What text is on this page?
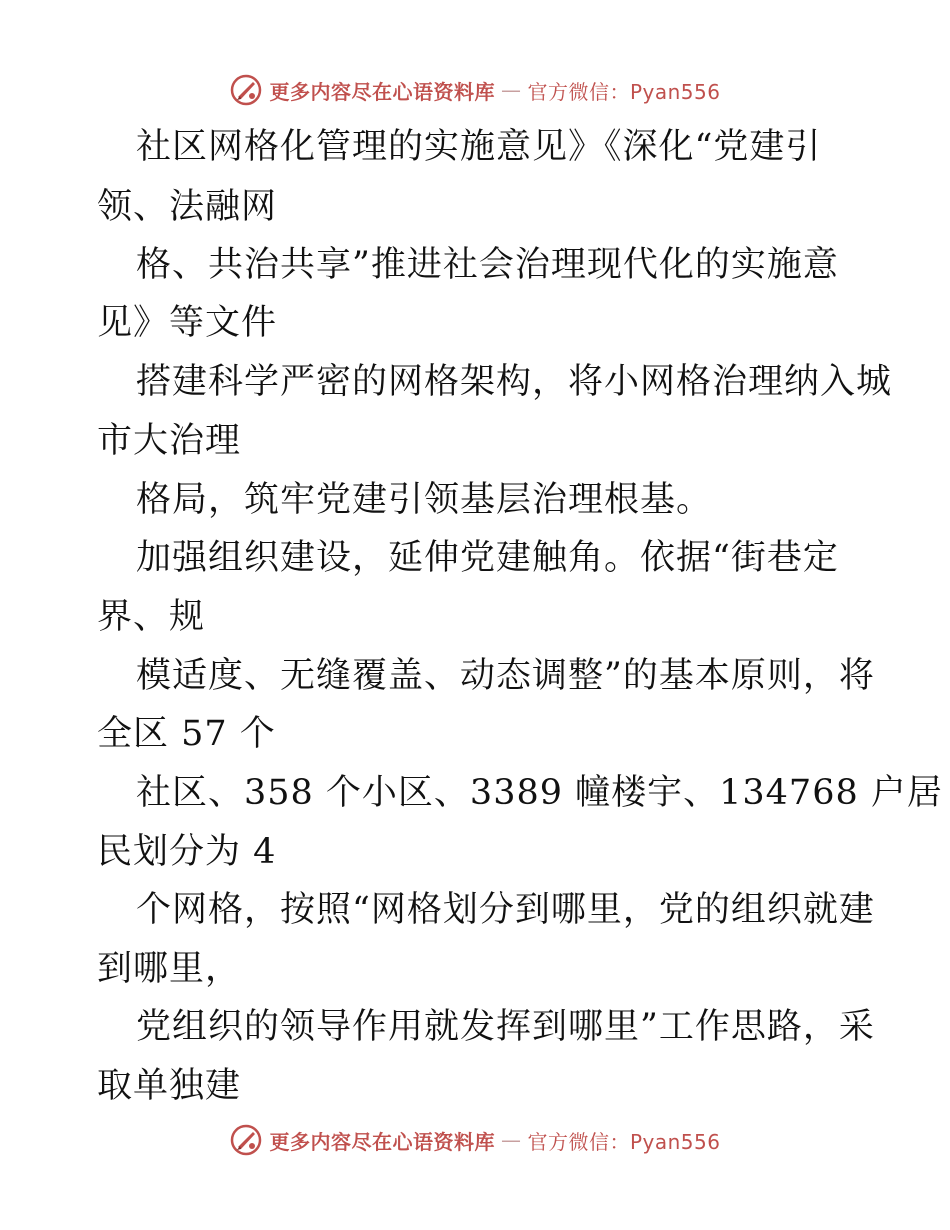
更多内容尽在心语资料库 — 官方微信：Pyan556
社区网格化管理的实施意见》《深化“党建引
领、法融网
格、共治共享”推进社会治理现代化的实施意
见》等文件
搭建科学严密的网格架构，将小网格治理纳入城
市大治理
格局，筑牢党建引领基层治理根基。
加强组织建设，延伸党建触角。依据“街巷定
界、规
模适度、无缝覆盖、动态调整”的基本原则，将
全区 57 个
社区、358 个小区、3389 幢楼宇、134768 户居
民划分为 4
个网格，按照“网格划分到哪里，党的组织就建
到哪里，
党组织的领导作用就发挥到哪里”工作思路，采
取单独建
更多内容尽在心语资料库 — 官方微信：Pyan556
